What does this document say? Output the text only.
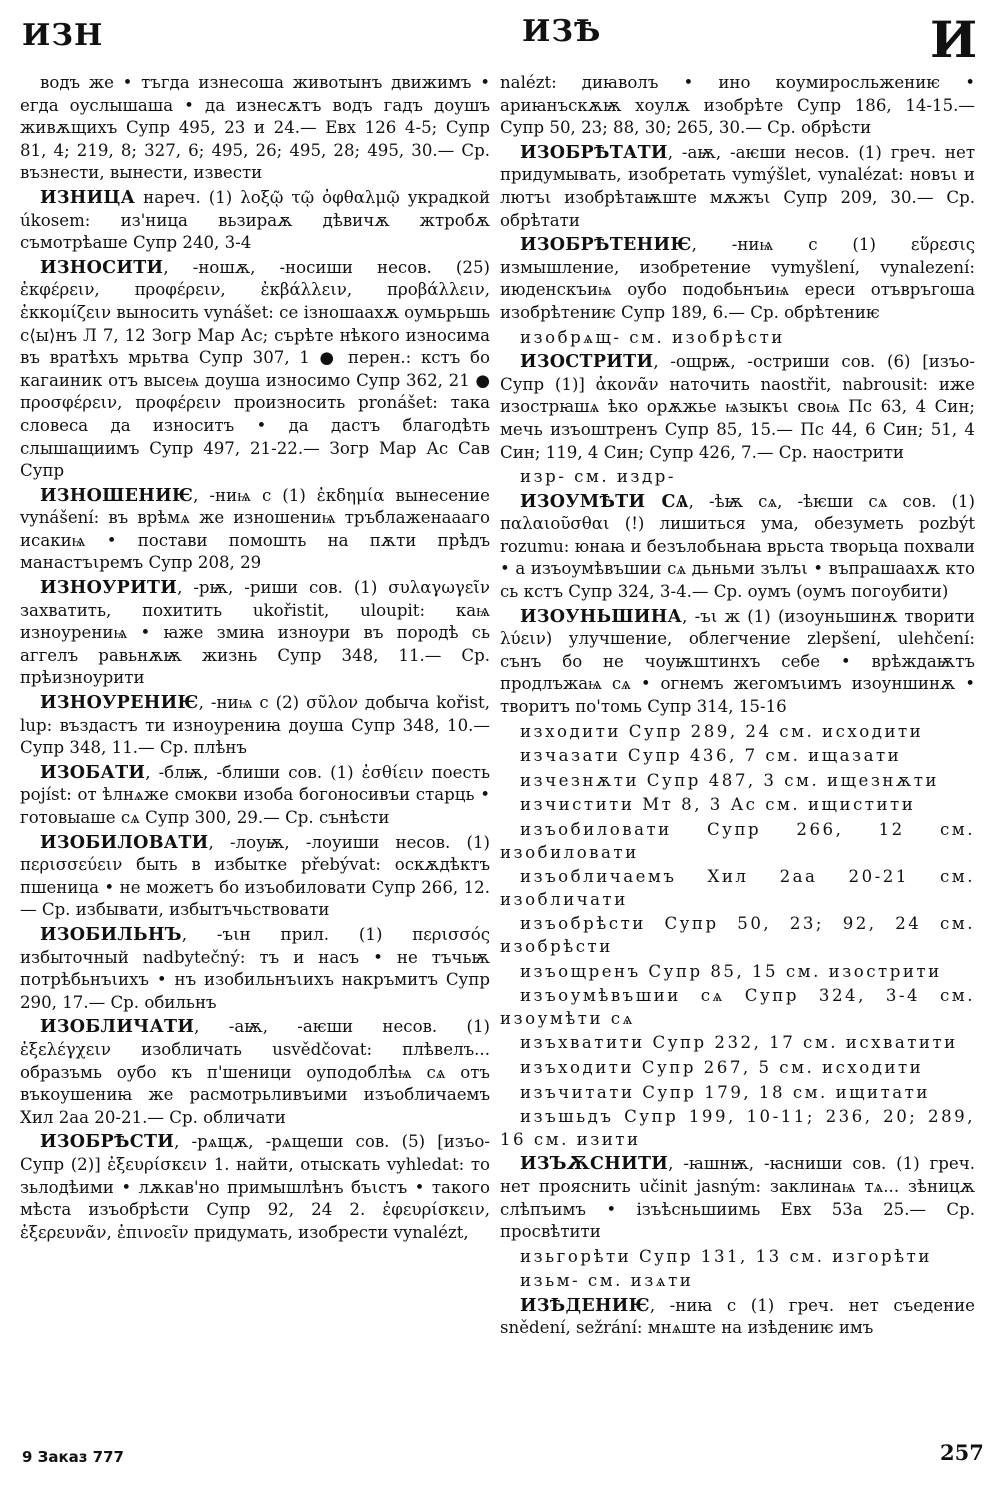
ИЗН	ИЗѢ	И

водъ же • тъгда изнесоша животынъ движимъ • егда оуслышаша • да изнесѫтъ водъ гадъ доушъ живѫщихъ Супр 495, 23 и 24.— Евх 126 4-5; Супр 81, 4; 219, 8; 327, 6; 495, 26; 495, 28; 495, 30.— Ср. възнести, вынести, извести

ИЗНИЦА нареч. (1) λοξῷ τῷ ὀφθαλμῷ украдкой úkosem: из'ница вьзираѫ дѣвичѫ жтробѫ съмотрѣаше Супр 240, 3-4

ИЗНОСИТИ, -ношѫ, -носиши несов. (25) ἐκφέρειν, προφέρειν, ἐκβάλλειν, προβάλλειν, ἐκκομίζειν выносить vynášet: се ізношаахѫ оумьрьшь с⟨ы⟩нъ Л 7, 12 Зогр Мар Ас; сърѣте нѣкого износима въ вратѣхъ мрьтва Супр 307, 1 ● перен.: кстъ бо кагаиник отъ высеѩ доуша износимо Супр 362, 21 ● προσφέρειν, προφέρειν произносить pronášet: така словеса да износитъ • да дастъ благодѣть слышащиимъ Супр 497, 21-22.— Зогр Мар Ас Сав Супр

ИЗНОШЕНИѤ, -ниѩ с (1) ἐκδημία вынесение vynášení: въ врѣмѧ же изношениѩ тръблаженаааго исакиѩ • постави помошть на пѫти прѣдъ манастъιремъ Супр 208, 29

ИЗНОУРИТИ, -рѭ, -риши сов. (1) συλαγωγεῖν захватить, похитить ukořistit, uloupit: каѩ изноурениѩ • ꙗже змиꙗ изноури въ породѣ сь аггелъ равьнѫѭ жизнь Супр 348, 11.— Ср. прѣизноурити

ИЗНОУРЕНИѤ, -ниѩ с (2) σῦλον добыча kořist, lup: въздастъ ти изноурениꙗ доуша Супр 348, 10.— Супр 348, 11.— Ср. плѣнъ

ИЗОБАТИ, -блѭ, -блиши сов. (1) ἐσθίειν поесть pojíst: от ѣлнѧже смокви изоба богоносивъи старць • готовыаше сѧ Супр 300, 29.— Ср. сънѣсти

ИЗОБИЛОВАТИ, -лоуѭ, -лоуиши несов. (1) περισσεύειν быть в избытке přebývat: оскѫдѣктъ пшеница • не можетъ бо изъобиловати Супр 266, 12.— Ср. избывати, избытъчьствовати

ИЗОБИЛЬНЪ, -ъιн прил. (1) περισσός избыточный nadbytečný: тъ и насъ • не тъчьѭ потрѣбьнъιихъ • нъ изобильнъιихъ накръмитъ Супр 290, 17.— Ср. обильнъ

ИЗОБЛИЧАТИ, -аѭ, -аѥши несов. (1) ἐξελέγχειν изобличать usvědčovat: плѣвелъ... образъмь оубо къ п'шеници оуподоблѣѩ сѧ отъ въкоушениꙗ же расмотрьливъими изъобличаемъ Хил 2аа 20-21.— Ср. обличати

ИЗОБРѢСТИ, -рѧщѫ, -рѧщеши сов. (5) [изъо- Супр (2)] ἐξευρίσκειν 1. найти, отыскать vyhledat: то зьлодѣими • лѫкав'но примышлѣнъ бъιстъ • такого мѣста изъобрѣсти Супр 92, 24 2. ἐφευρίσκειν, ἐξερευνᾶν, ἐπινοεῖν придумать, изобрести vynalézt,

nalézt: диꙗволъ • ино коумиросльжениѥ • ариꙗнъскѫѭ хоулѫ изобрѣте Супр 186, 14-15.— Супр 50, 23; 88, 30; 265, 30.— Ср. обрѣсти

ИЗОБРѢТАТИ, -аѭ, -аѥши несов. (1) греч. нет придумывать, изобретать vymýšlet, vynalézat: новъι и лютъι изобрѣтаѭште мѫжъι Супр 209, 30.— Ср. обрѣтати

ИЗОБРѢТЕНИѤ, -ниѩ с (1) εὕρεσις измышление, изобретение vymyšlení, vynalezení: июденскъиѩ оубо подобьнъиѩ ереси отъвръгоша изобрѣтениѥ Супр 189, 6.— Ср. обрѣтениѥ

изобрѧщ- см. изобрѣсти

ИЗОСТРИТИ, -ощрѭ, -остриши сов. (6) [изъо- Супр (1)] ἀκονᾶν наточить naostřit, nabrousit: иже изострꙗшѧ ѣко орѫжье ѩзыкъι своѩ Пс 63, 4 Син; мечь изъоштренъ Супр 85, 15.— Пс 44, 6 Син; 51, 4 Син; 119, 4 Син; Супр 426, 7.— Ср. наострити

изр- см. издр-

ИЗОУМѢТИ СѦ, -ѣѭ сѧ, -ѣѥши сѧ сов. (1) παλαιοῦσθαι (!) лишиться ума, обезуметь pozbýt rozumu: юнаꙗ и безълобьнаꙗ врьста творьца похвали • а изъоумѣвъшии сѧ дьньми зълъι • въпрашаахѫ кто сь кстъ Супр 324, 3-4.— Ср. оумъ (оумъ погоубити)

ИЗОУНЬШИНА, -ъι ж (1) (изоуньшинѫ творити λύειν) улучшение, облегчение zlepšení, ulehčení: сънъ бо не чоуѭштинхъ себе • врѣждаѭтъ продлъжаѩ сѧ • огнемъ жегомъιимъ изоуншинѫ • творитъ по'томь Супр 314, 15-16

изходити Супр 289, 24 см. исходити

изчазати Супр 436, 7 см. ищазати

изчезнѫти Супр 487, 3 см. ищезнѫти

изчистити Мт 8, 3 Ас см. ищистити

изъобиловати Супр 266, 12 см. изобиловати

изъобличаемъ Хил 2аа 20-21 см. изобличати

изъобрѣсти Супр 50, 23; 92, 24 см. изобрѣсти

изъощренъ Супр 85, 15 см. изострити

изъоумѣвъшии сѧ Супр 324, 3-4 см. изоумѣти сѧ

изъхватити Супр 232, 17 см. исхватити

изъходити Супр 267, 5 см. исходити

изъчитати Супр 179, 18 см. ищитати

изъшьдъ Супр 199, 10-11; 236, 20; 289, 16 см. изити

ИЗЪѪСНИТИ, -ꙗшнѭ, -ꙗсниши сов. (1) греч. нет прояснить učinit jasným: заклинаѩ тѧ... зѣницѫ слѣпъимъ • ізъѣсньшиимь Евх 53а 25.— Ср. просвѣтити

изьгорѣти Супр 131, 13 см. изгорѣти

изьм- см. изѧти

ИЗѢДЕНИѤ, -ниꙗ с (1) греч. нет съедение snědení, sežrání: мнѧште на изѣдениѥ имъ

9 Заказ 777	257
